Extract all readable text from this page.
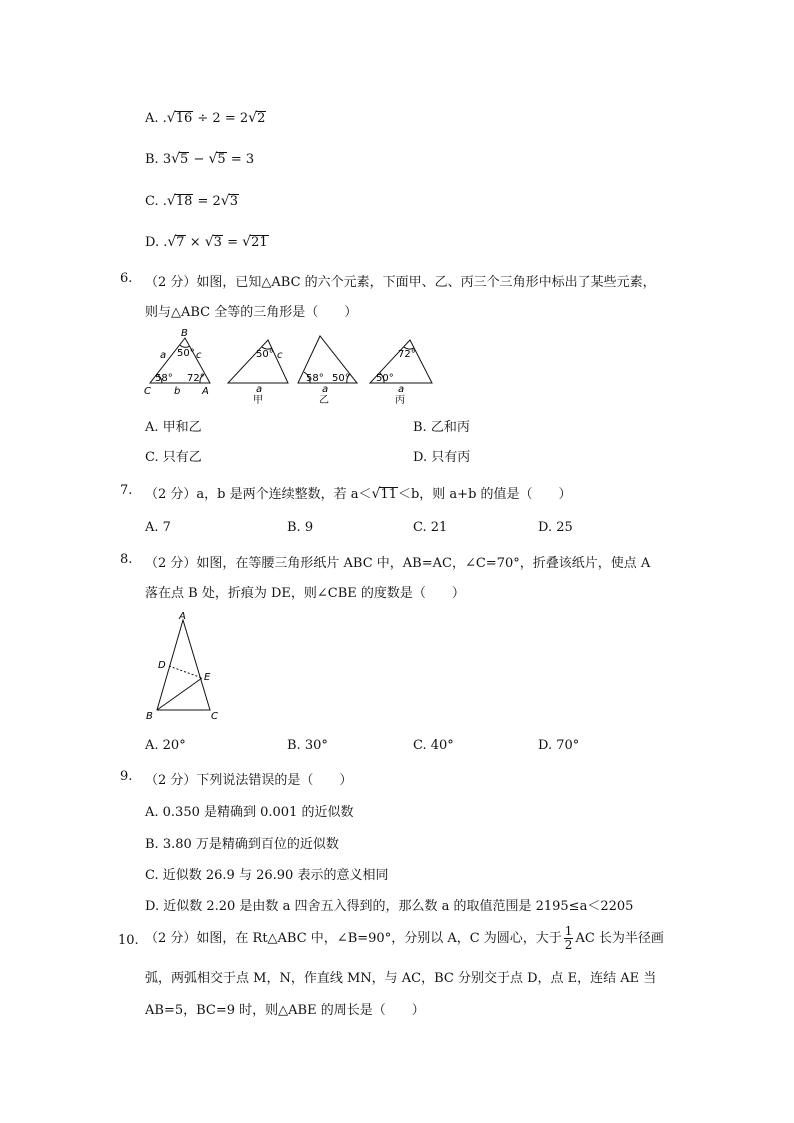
A. .√16 ÷ 2 = 2√2
B. 3√5 − √5 = 3
C. .√18 = 2√3
D. .√7 × √3 = √21
6. （2 分）如图，已知△ABC 的六个元素，下面甲、乙、丙三个三角形中标出了某些元素，
则与△ABC 全等的三角形是（　　）
B
C	A
a	c
b
50°
58° 72°
50° c
a
甲
58° 50°
a
乙
72°
50°
a
丙
A. 甲和乙	B. 乙和丙
C. 只有乙	D. 只有丙
7. （2 分）a，b 是两个连续整数，若 a＜√11＜b，则 a+b 的值是（　　）
A. 7	B. 9	C. 21	D. 25
8. （2 分）如图，在等腰三角形纸片 ABC 中，AB=AC，∠C=70°，折叠该纸片，使点 A
落在点 B 处，折痕为 DE，则∠CBE 的度数是（　　）
A
B	C
D
E
A. 20°	B. 30°	C. 40°	D. 70°
9. （2 分）下列说法错误的是（　　）
A. 0.350 是精确到 0.001 的近似数
B. 3.80 万是精确到百位的近似数
C. 近似数 26.9 与 26.90 表示的意义相同
D. 近似数 2.20 是由数 a 四舍五入得到的，那么数 a 的取值范围是 2195≤a＜2205
10. （2 分）如图，在 Rt△ABC 中，∠B=90°，分别以 A，C 为圆心，大于 $\frac{1}{2}$ AC 长为半径画
弧，两弧相交于点 M，N，作直线 MN，与 AC，BC 分别交于点 D，点 E，连结 AE 当
AB=5，BC=9 时，则△ABE 的周长是（　　）
